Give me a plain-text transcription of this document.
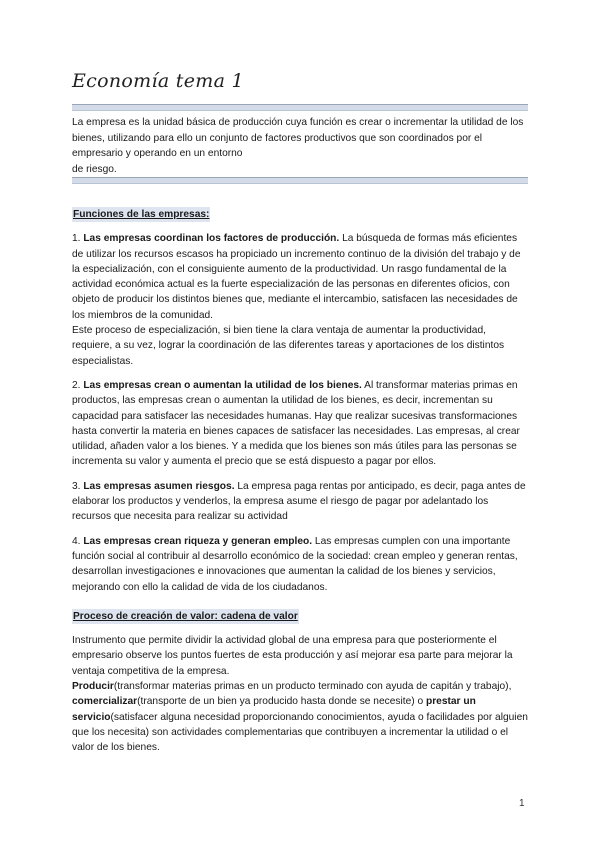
Economía tema 1

La empresa es la unidad básica de producción cuya función es crear o incrementar la utilidad de los bienes, utilizando para ello un conjunto de factores productivos que son coordinados por el empresario y operando en un entorno

de riesgo.

Funciones de las empresas:

1. Las empresas coordinan los factores de producción. La búsqueda de formas más eficientes de utilizar los recursos escasos ha propiciado un incremento continuo de la división del trabajo y de la especialización, con el consiguiente aumento de la productividad. Un rasgo fundamental de la actividad económica actual es la fuerte especialización de las personas en diferentes oficios, con objeto de producir los distintos bienes que, mediante el intercambio, satisfacen las necesidades de los miembros de la comunidad.

Este proceso de especialización, si bien tiene la clara ventaja de aumentar la productividad, requiere, a su vez, lograr la coordinación de las diferentes tareas y aportaciones de los distintos especialistas.

2. Las empresas crean o aumentan la utilidad de los bienes. Al transformar materias primas en productos, las empresas crean o aumentan la utilidad de los bienes, es decir, incrementan su capacidad para satisfacer las necesidades humanas. Hay que realizar sucesivas transformaciones hasta convertir la materia en bienes capaces de satisfacer las necesidades. Las empresas, al crear utilidad, añaden valor a los bienes. Y a medida que los bienes son más útiles para las personas se incrementa su valor y aumenta el precio que se está dispuesto a pagar por ellos.

3. Las empresas asumen riesgos. La empresa paga rentas por anticipado, es decir, paga antes de elaborar los productos y venderlos, la empresa asume el riesgo de pagar por adelantado los recursos que necesita para realizar su actividad

4. Las empresas crean riqueza y generan empleo. Las empresas cumplen con una importante función social al contribuir al desarrollo económico de la sociedad: crean empleo y generan rentas, desarrollan investigaciones e innovaciones que aumentan la calidad de los bienes y servicios, mejorando con ello la calidad de vida de los ciudadanos.

Proceso de creación de valor: cadena de valor

Instrumento que permite dividir la actividad global de una empresa para que posteriormente el empresario observe los puntos fuertes de esta producción y así mejorar esa parte para mejorar la ventaja competitiva de la empresa.

Producir(transformar materias primas en un producto terminado con ayuda de capitán y trabajo), comercializar(transporte de un bien ya producido hasta donde se necesite) o prestar un servicio(satisfacer alguna necesidad proporcionando conocimientos, ayuda o facilidades por alguien que los necesita) son actividades complementarias que contribuyen a incrementar la utilidad o el valor de los bienes.

1
